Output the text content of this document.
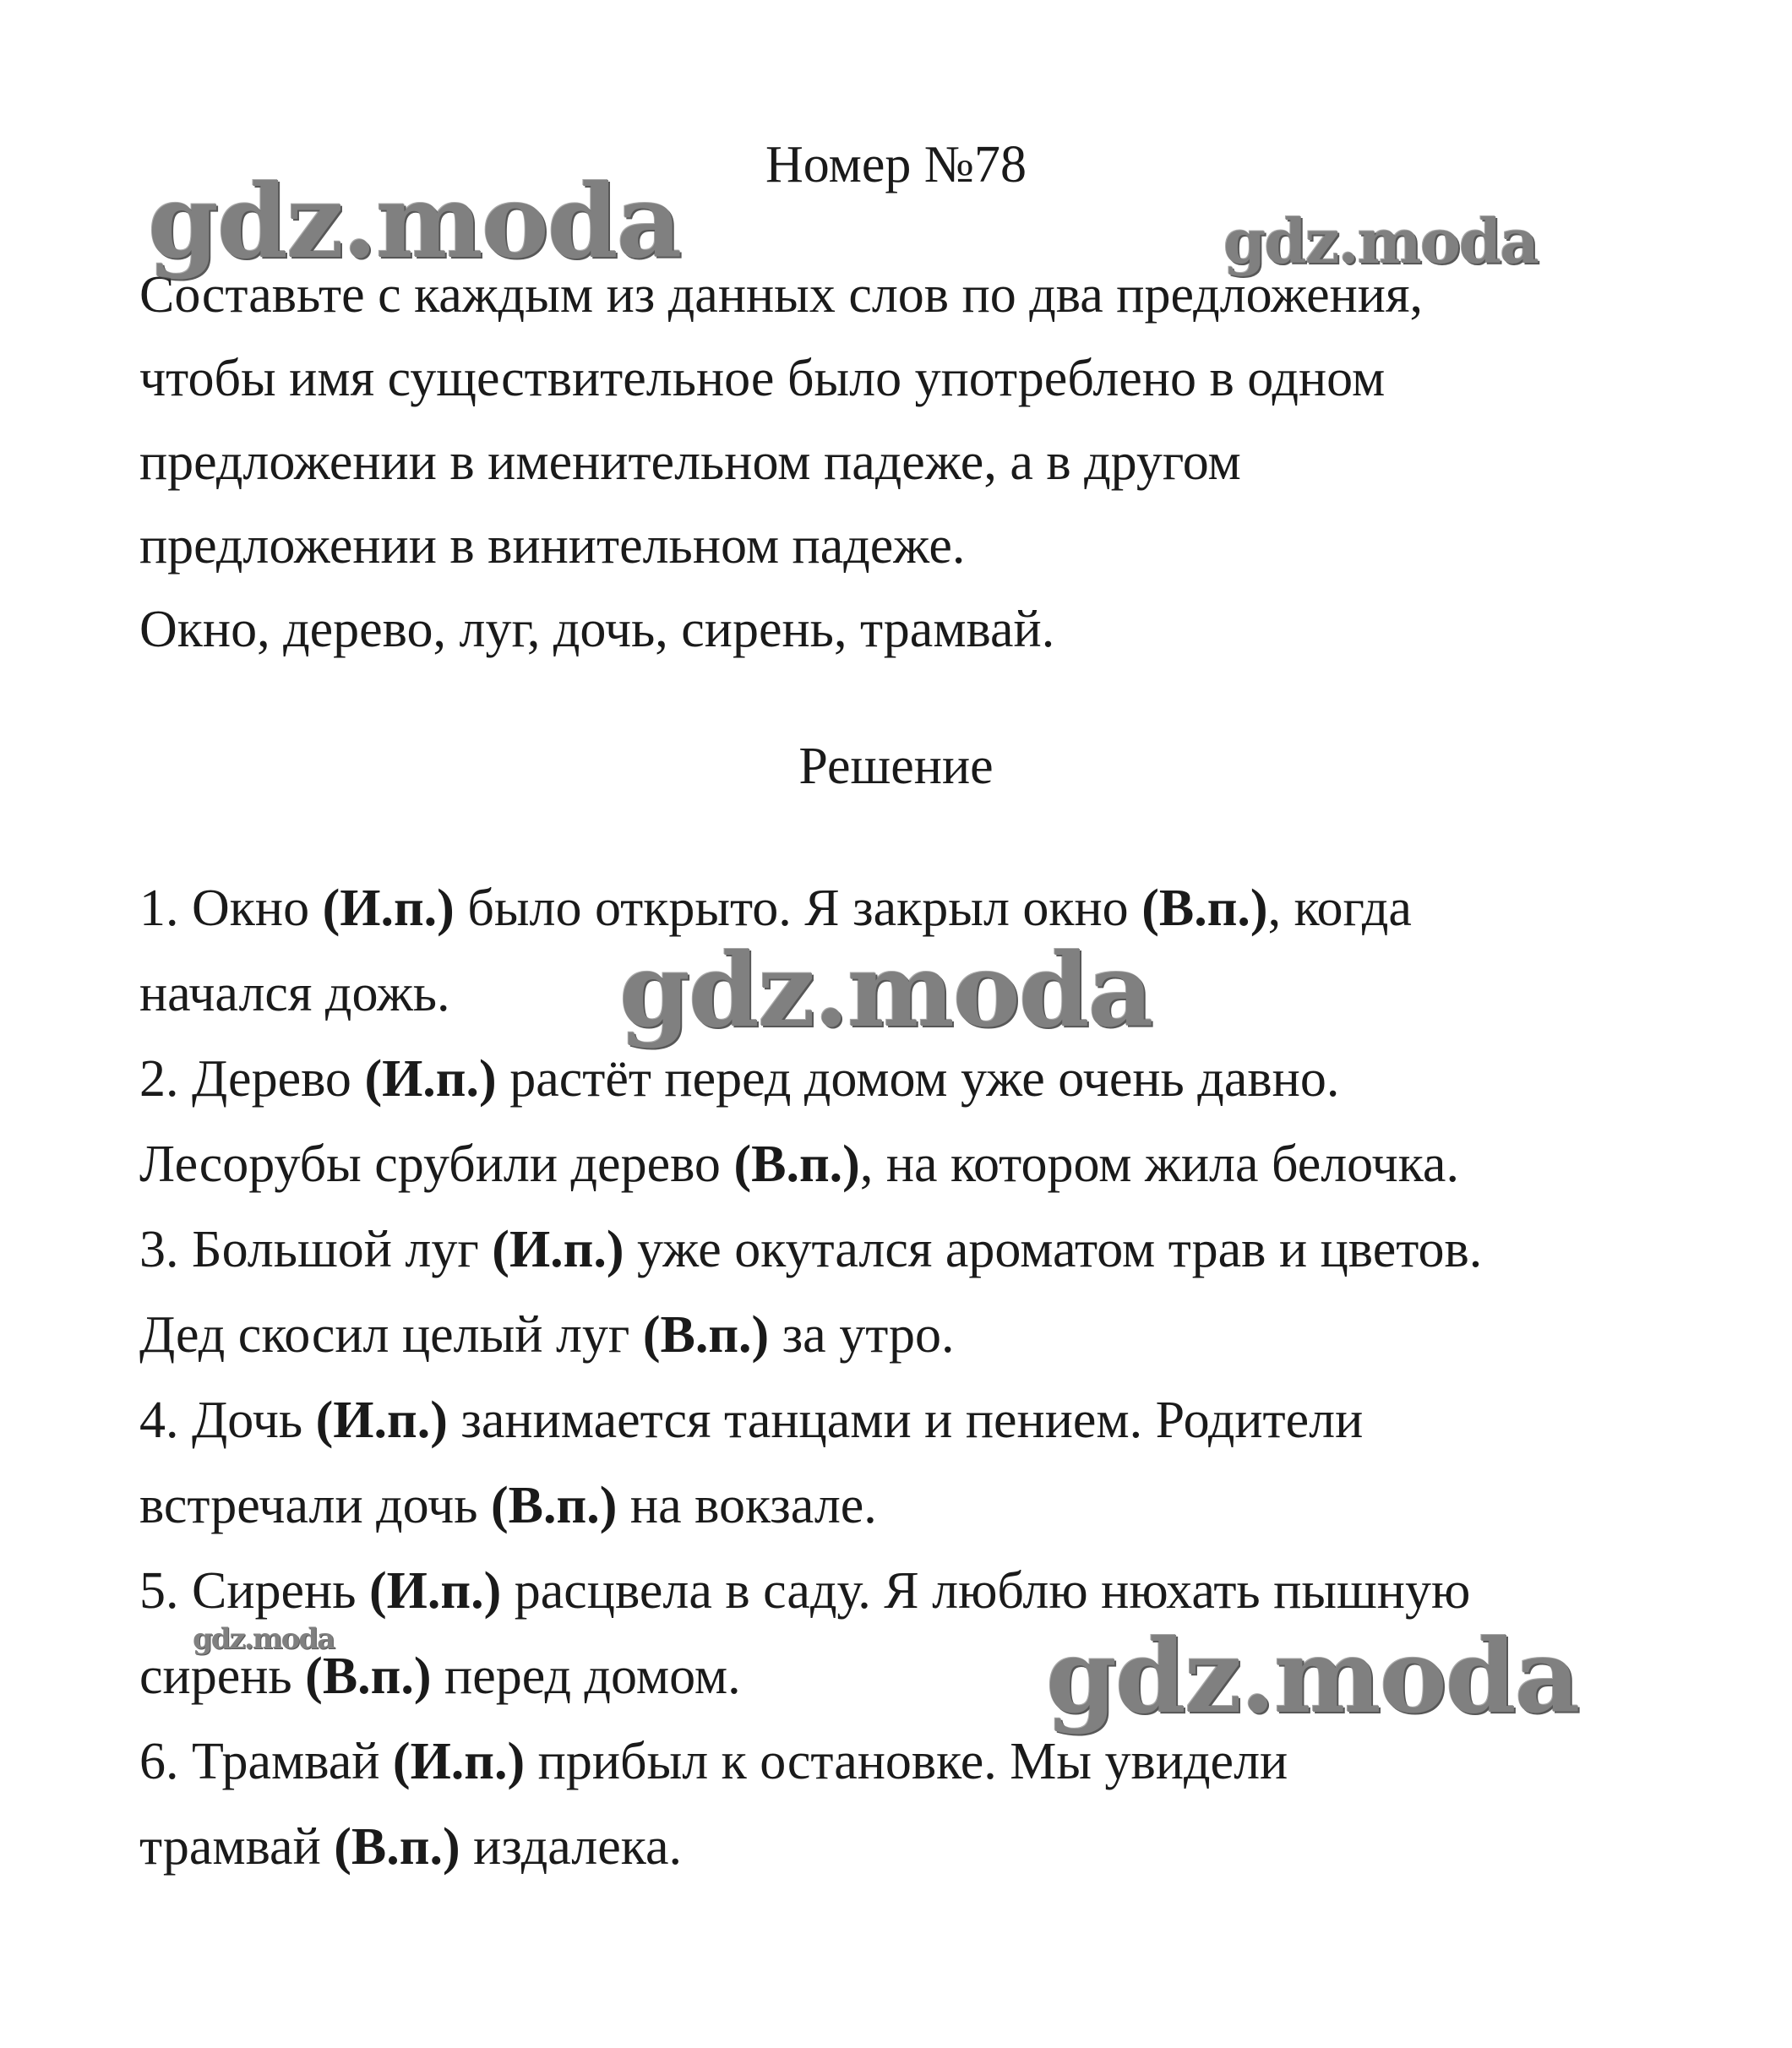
Номер №78

Составьте с каждым из данных слов по два предложения,

чтобы имя существительное было употреблено в одном

предложении в именительном падеже, а в другом

предложении в винительном падеже.

Окно, дерево, луг, дочь, сирень, трамвай.

Решение

1. Окно (И.п.) было открыто. Я закрыл окно (В.п.), когда

начался дожь.

2. Дерево (И.п.) растёт перед домом уже очень давно.

Лесорубы срубили дерево (В.п.), на котором жила белочка.

3. Большой луг (И.п.) уже окутался ароматом трав и цветов.

Дед скосил целый луг (В.п.) за утро.

4. Дочь (И.п.) занимается танцами и пением. Родители

встречали дочь (В.п.) на вокзале.

5. Сирень (И.п.) расцвела в саду. Я люблю нюхать пышную

сирень (В.п.) перед домом.

6. Трамвай (И.п.) прибыл к остановке. Мы увидели

трамвай (В.п.) издалека.

gdz.moda	gdz.moda
gdz.moda
gdz.moda	gdz.moda
